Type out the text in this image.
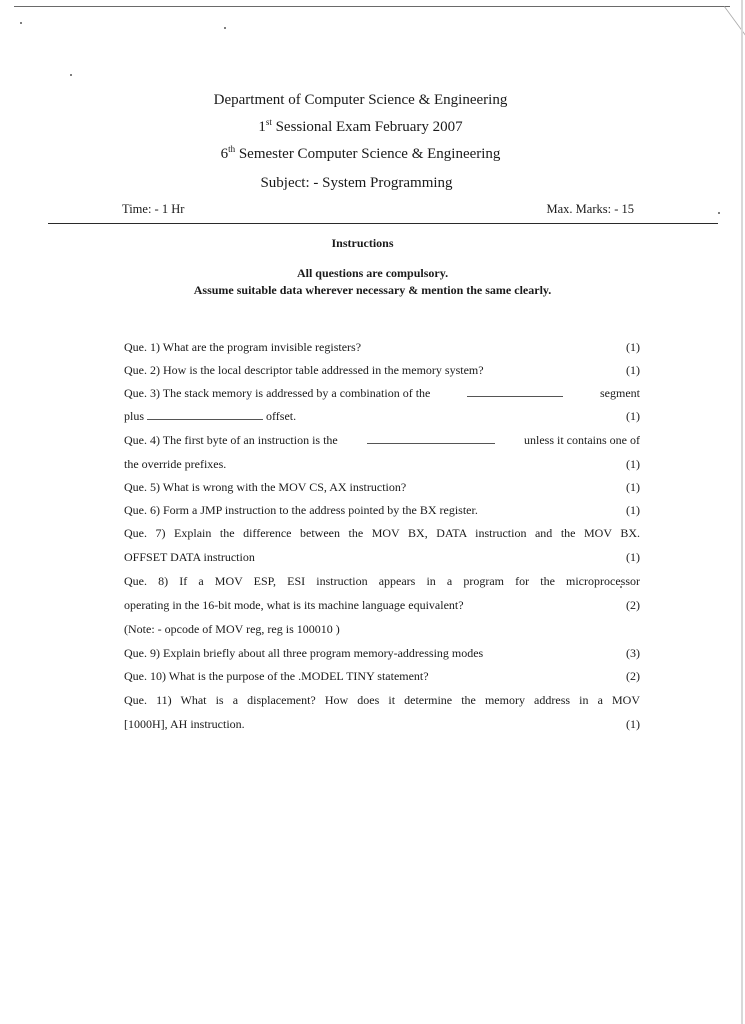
Department of Computer Science & Engineering
1st Sessional Exam February 2007
6th Semester Computer Science & Engineering
Subject: - System Programming
Time: - 1 Hr	Max. Marks: - 15
Instructions
All questions are compulsory.
Assume suitable data wherever necessary & mention the same clearly.
Que. 1) What are the program invisible registers?	(1)
Que. 2) How is the local descriptor table addressed in the memory system?	(1)
Que. 3) The stack memory is addressed by a combination of the	segment
plus	offset.	(1)
Que. 4) The first byte of an instruction is the	unless it contains one of
the override prefixes.	(1)
Que. 5) What is wrong with the MOV CS, AX instruction?	(1)
Que. 6) Form a JMP instruction to the address pointed by the BX register.	(1)
Que. 7) Explain the difference between the MOV BX, DATA instruction and the MOV BX.
OFFSET DATA instruction	(1)
Que. 8) If a MOV ESP, ESI instruction appears in a program for the microprocessor
operating in the 16-bit mode, what is its machine language equivalent?	(2)
(Note: - opcode of MOV reg, reg is 100010 )
Que. 9) Explain briefly about all three program memory-addressing modes	(3)
Que. 10) What is the purpose of the .MODEL TINY statement?	(2)
Que. 11) What is a displacement? How does it determine the memory address in a MOV
[1000H], AH instruction.	(1)
